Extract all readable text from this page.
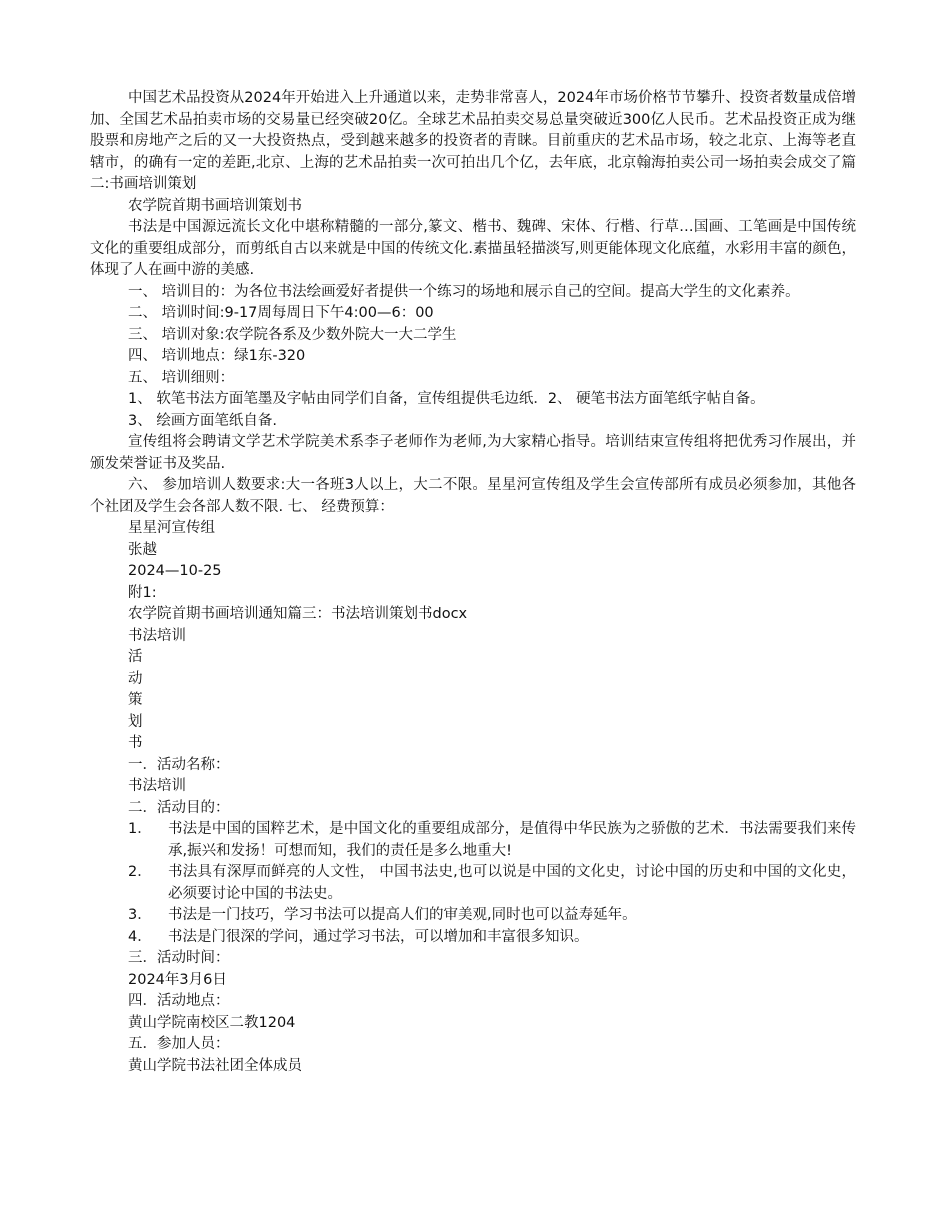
中国艺术品投资从2024年开始进入上升通道以来，走势非常喜人，2024年市场价格节节攀升、投资者数量成倍增加、全国艺术品拍卖市场的交易量已经突破20亿。全球艺术品拍卖交易总量突破近300亿人民币。艺术品投资正成为继股票和房地产之后的又一大投资热点，受到越来越多的投资者的青睐。目前重庆的艺术品市场，较之北京、上海等老直辖市，的确有一定的差距,北京、上海的艺术品拍卖一次可拍出几个亿，去年底，北京翰海拍卖公司一场拍卖会成交了篇二:书画培训策划

农学院首期书画培训策划书

书法是中国源远流长文化中堪称精髓的一部分,篆文、楷书、魏碑、宋体、行楷、行草…国画、工笔画是中国传统文化的重要组成部分，而剪纸自古以来就是中国的传统文化.素描虽轻描淡写,则更能体现文化底蕴，水彩用丰富的颜色，体现了人在画中游的美感.

一、 培训目的：为各位书法绘画爱好者提供一个练习的场地和展示自己的空间。提高大学生的文化素养。

二、 培训时间:9-17周每周日下午4:00—6：00

三、 培训对象:农学院各系及少数外院大一大二学生

四、 培训地点：绿1东-320

五、 培训细则：

1、 软笔书法方面笔墨及字帖由同学们自备，宣传组提供毛边纸．2、 硬笔书法方面笔纸字帖自备。

3、 绘画方面笔纸自备.

宣传组将会聘请文学艺术学院美术系李子老师作为老师,为大家精心指导。培训结束宣传组将把优秀习作展出，并颁发荣誉证书及奖品.

六、 参加培训人数要求:大一各班3人以上，大二不限。星星河宣传组及学生会宣传部所有成员必须参加，其他各个社团及学生会各部人数不限. 七、 经费预算：

星星河宣传组

张越

2024—10-25

附1:

农学院首期书画培训通知篇三：书法培训策划书docx

书法培训

活

动

策

划

书

一．活动名称：

书法培训

二．活动目的：

1．	书法是中国的国粹艺术，是中国文化的重要组成部分，是值得中华民族为之骄傲的艺术．书法需要我们来传承,振兴和发扬！可想而知，我们的责任是多么地重大!
2．	书法具有深厚而鲜亮的人文性， 中国书法史,也可以说是中国的文化史，讨论中国的历史和中国的文化史，必须要讨论中国的书法史。
3．	书法是一门技巧，学习书法可以提高人们的审美观,同时也可以益寿延年。
4．	书法是门很深的学问，通过学习书法，可以增加和丰富很多知识。

三．活动时间：

2024年3月6日

四．活动地点：

黄山学院南校区二教1204

五．参加人员：

黄山学院书法社团全体成员
